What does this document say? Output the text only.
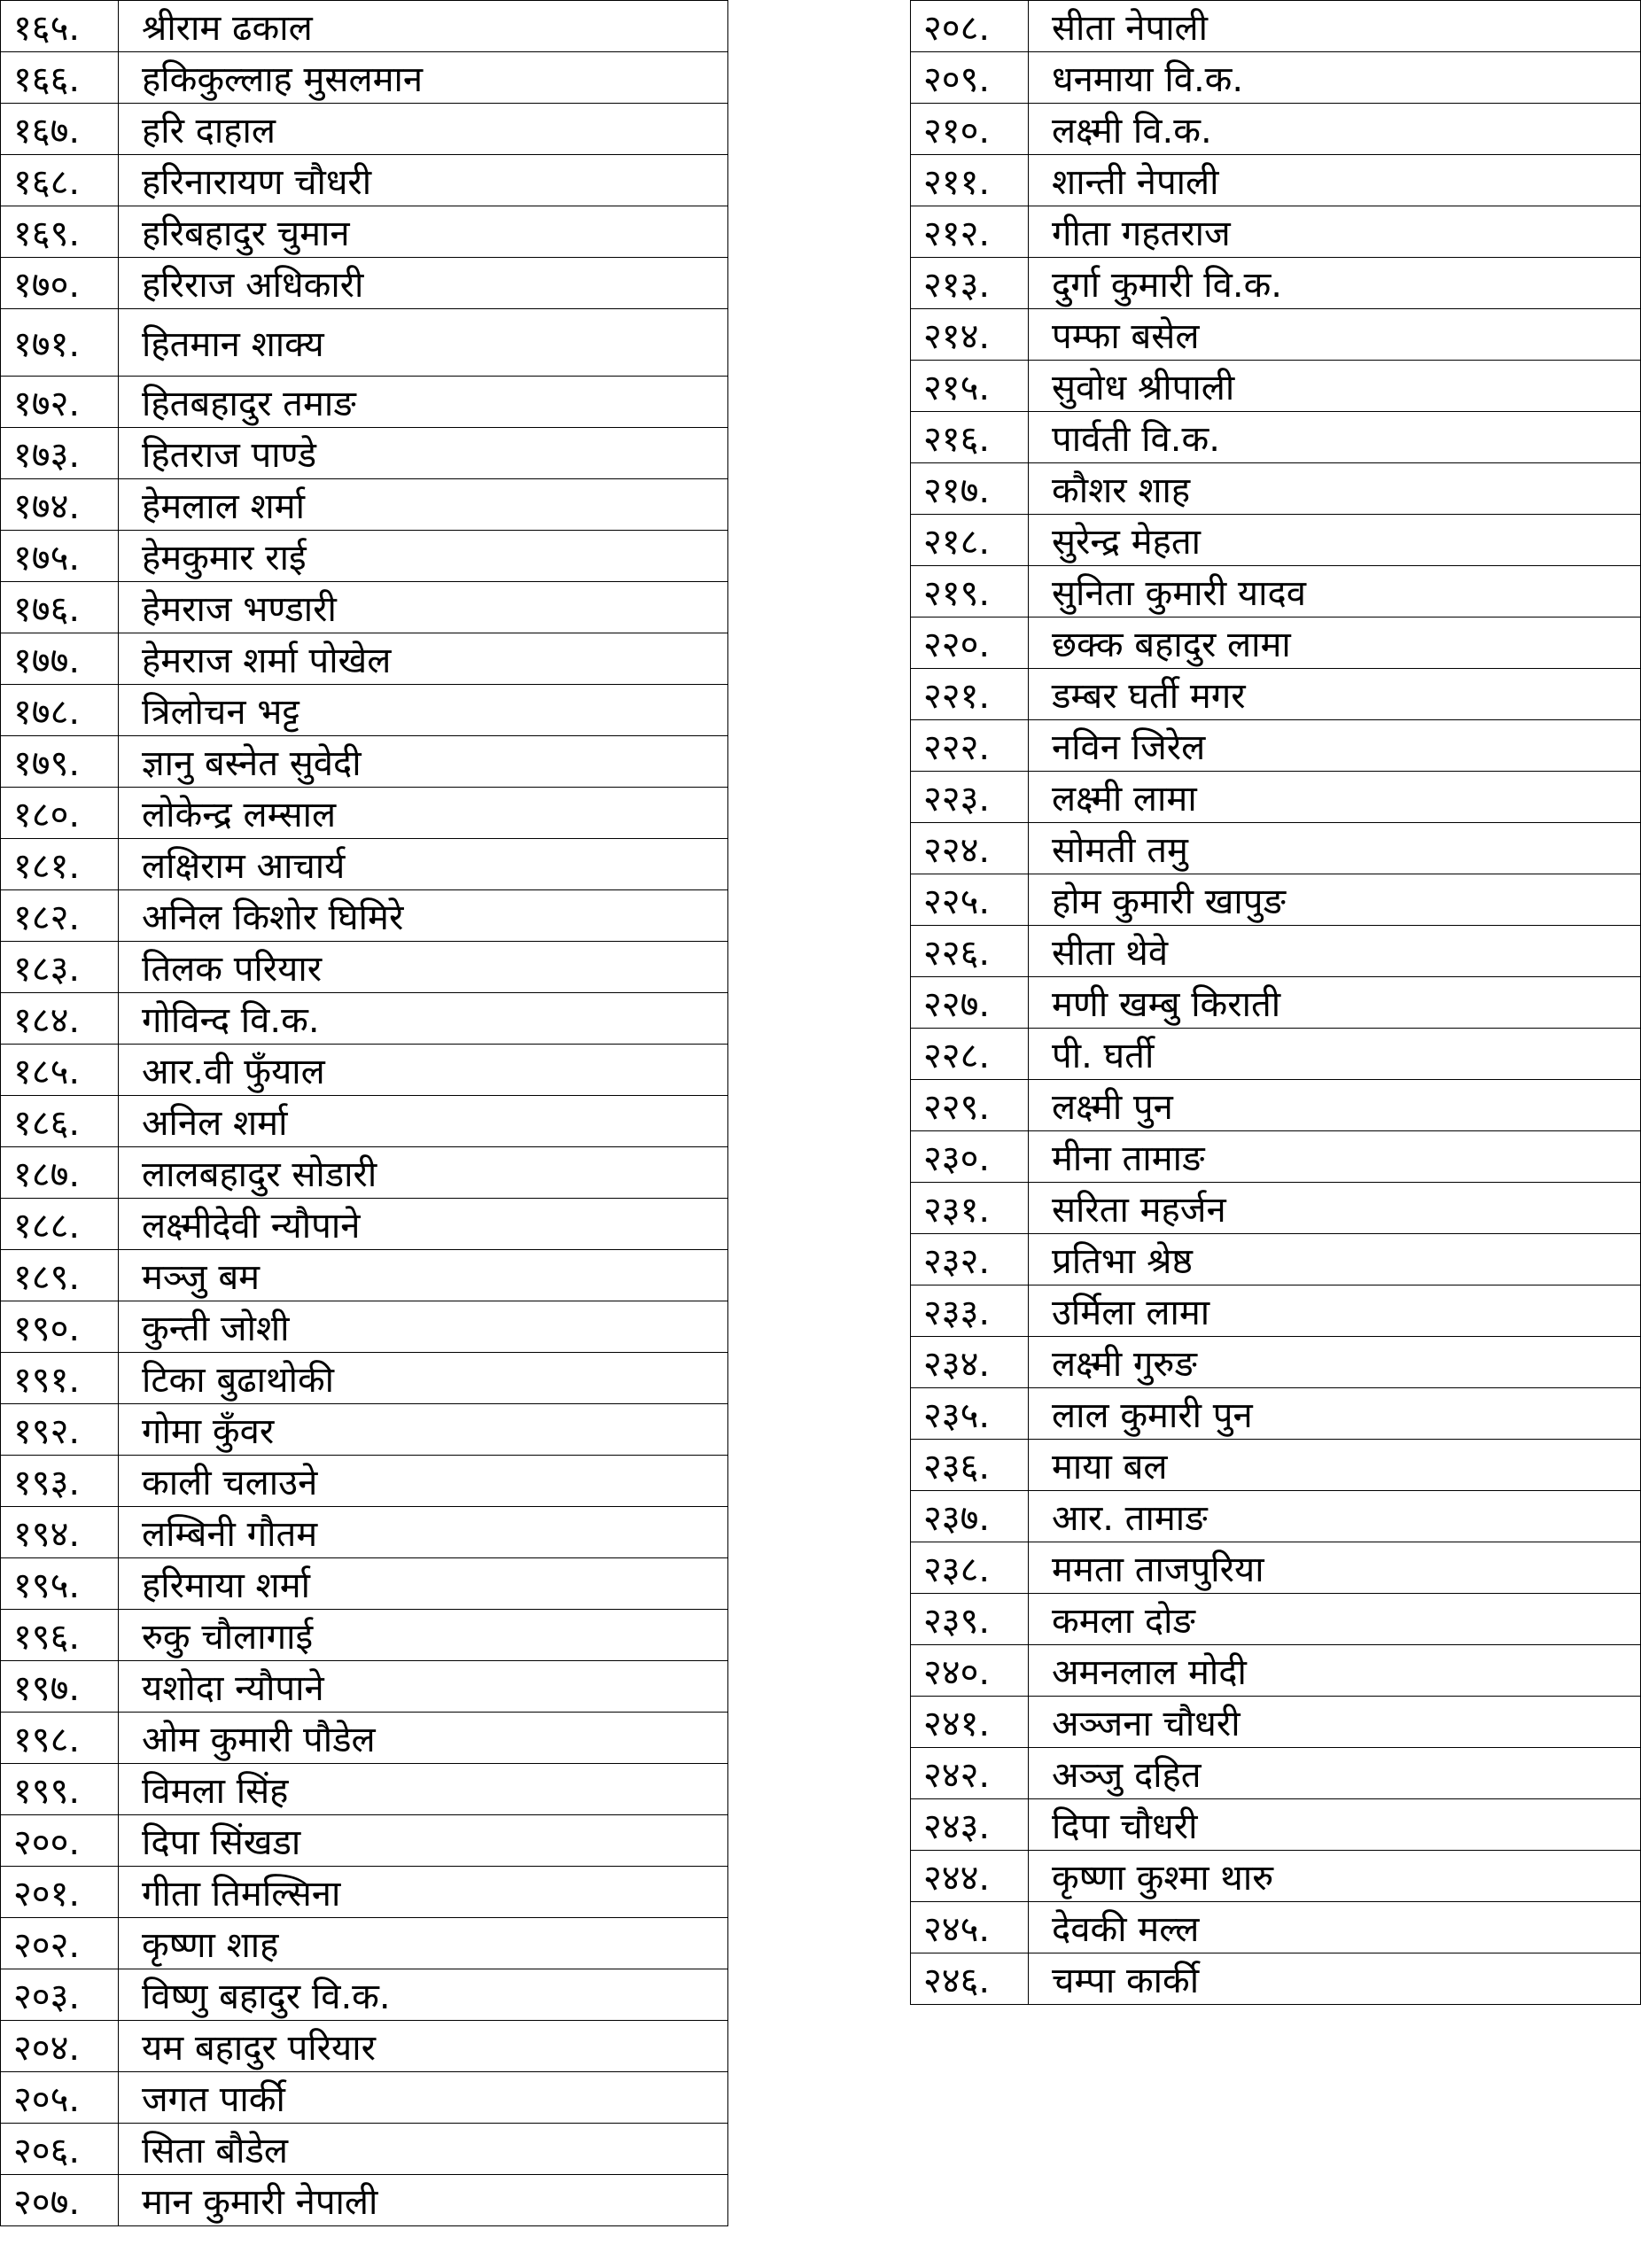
१६५.	श्रीराम ढकाल
१६६.	हकिकुल्लाह मुसलमान
१६७.	हरि दाहाल
१६८.	हरिनारायण चौधरी
१६९.	हरिबहादुर चुमान
१७०.	हरिराज अधिकारी
१७१.	हितमान शाक्य
१७२.	हितबहादुर तमाङ
१७३.	हितराज पाण्डे
१७४.	हेमलाल शर्मा
१७५.	हेमकुमार राई
१७६.	हेमराज भण्डारी
१७७.	हेमराज शर्मा पोखेल
१७८.	त्रिलोचन भट्ट
१७९.	ज्ञानु बस्नेत सुवेदी
१८०.	लोकेन्द्र लम्साल
१८१.	लक्षिराम आचार्य
१८२.	अनिल किशोर घिमिरे
१८३.	तिलक परियार
१८४.	गोविन्द वि.क.
१८५.	आर.वी फुँयाल
१८६.	अनिल शर्मा
१८७.	लालबहादुर सोडारी
१८८.	लक्ष्मीदेवी न्यौपाने
१८९.	मञ्जु बम
१९०.	कुन्ती जोशी
१९१.	टिका बुढाथोकी
१९२.	गोमा कुँवर
१९३.	काली चलाउने
१९४.	लम्बिनी गौतम
१९५.	हरिमाया शर्मा
१९६.	रुकु चौलागाई
१९७.	यशोदा न्यौपाने
१९८.	ओम कुमारी पौडेल
१९९.	विमला सिंह
२००.	दिपा सिंखडा
२०१.	गीता तिमल्सिना
२०२.	कृष्णा शाह
२०३.	विष्णु बहादुर वि.क.
२०४.	यम बहादुर परियार
२०५.	जगत पार्की
२०६.	सिता बौडेल
२०७.	मान कुमारी नेपाली
२०८.	सीता नेपाली
२०९.	धनमाया वि.क.
२१०.	लक्ष्मी वि.क.
२११.	शान्ती नेपाली
२१२.	गीता गहतराज
२१३.	दुर्गा कुमारी वि.क.
२१४.	पम्फा बसेल
२१५.	सुवोध श्रीपाली
२१६.	पार्वती वि.क.
२१७.	कौशर शाह
२१८.	सुरेन्द्र मेहता
२१९.	सुनिता कुमारी यादव
२२०.	छक्क बहादुर लामा
२२१.	डम्बर घर्ती मगर
२२२.	नविन जिरेल
२२३.	लक्ष्मी लामा
२२४.	सोमती तमु
२२५.	होम कुमारी खापुङ
२२६.	सीता थेवे
२२७.	मणी खम्बु किराती
२२८.	पी. घर्ती
२२९.	लक्ष्मी पुन
२३०.	मीना तामाङ
२३१.	सरिता महर्जन
२३२.	प्रतिभा श्रेष्ठ
२३३.	उर्मिला लामा
२३४.	लक्ष्मी गुरुङ
२३५.	लाल कुमारी पुन
२३६.	माया बल
२३७.	आर. तामाङ
२३८.	ममता ताजपुरिया
२३९.	कमला दोङ
२४०.	अमनलाल मोदी
२४१.	अञ्जना चौधरी
२४२.	अञ्जु दहित
२४३.	दिपा चौधरी
२४४.	कृष्णा कुश्मा थारु
२४५.	देवकी मल्ल
२४६.	चम्पा कार्की
